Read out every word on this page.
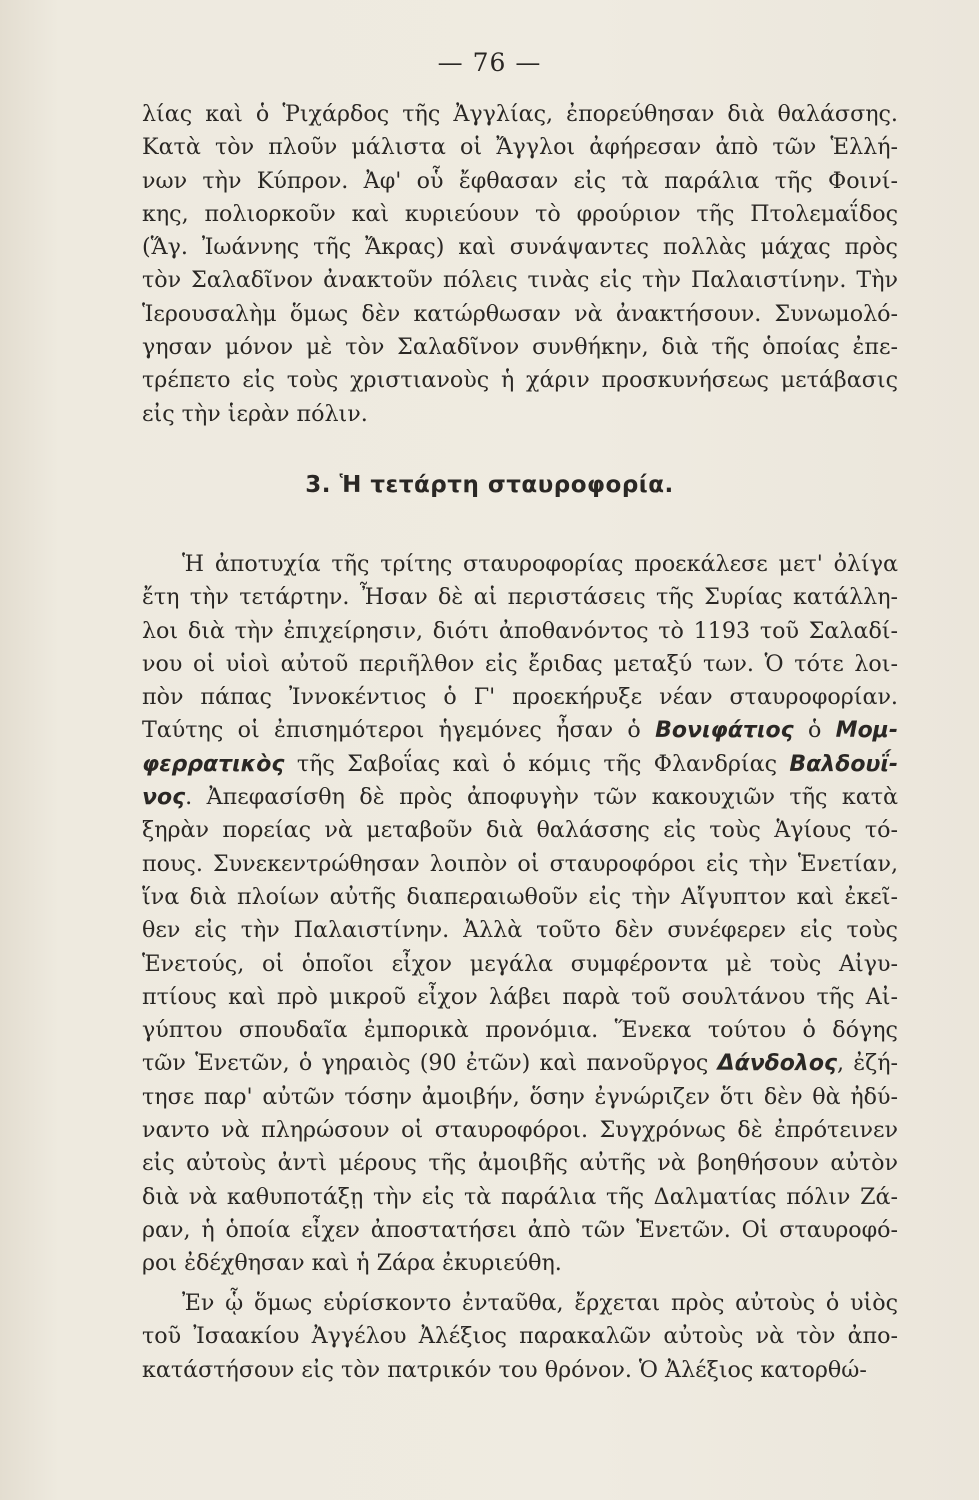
— 76 —
λίας καὶ ὁ Ῥιχάρδος τῆς Ἀγγλίας, ἐπορεύθησαν διὰ θαλάσσης.
Κατὰ τὸν πλοῦν μάλιστα οἱ Ἄγγλοι ἀφήρεσαν ἀπὸ τῶν Ἑλλή-
νων τὴν Κύπρον. Ἀφ' οὗ ἔφθασαν εἰς τὰ παράλια τῆς Φοινί-
κης, πολιορκοῦν καὶ κυριεύουν τὸ φρούριον τῆς Πτολεμαΐδος
(Ἅγ. Ἰωάννης τῆς Ἄκρας) καὶ συνάψαντες πολλὰς μάχας πρὸς
τὸν Σαλαδῖνον ἀνακτοῦν πόλεις τινὰς εἰς τὴν Παλαιστίνην. Τὴν
Ἱερουσαλὴμ ὅμως δὲν κατώρθωσαν νὰ ἀνακτήσουν. Συνωμολό-
γησαν μόνον μὲ τὸν Σαλαδῖνον συνθήκην, διὰ τῆς ὁποίας ἐπε-
τρέπετο εἰς τοὺς χριστιανοὺς ἡ χάριν προσκυνήσεως μετάβασις
εἰς τὴν ἱερὰν πόλιν.
3. Ἡ τετάρτη σταυροφορία.
Ἡ ἀποτυχία τῆς τρίτης σταυροφορίας προεκάλεσε μετ' ὀλίγα
ἔτη τὴν τετάρτην. Ἦσαν δὲ αἱ περιστάσεις τῆς Συρίας κατάλλη-
λοι διὰ τὴν ἐπιχείρησιν, διότι ἀποθανόντος τὸ 1193 τοῦ Σαλαδί-
νου οἱ υἱοὶ αὐτοῦ περιῆλθον εἰς ἔριδας μεταξύ των. Ὁ τότε λοι-
πὸν πάπας Ἰννοκέντιος ὁ Γ' προεκήρυξε νέαν σταυροφορίαν.
Ταύτης οἱ ἐπισημότεροι ἡγεμόνες ἦσαν ὁ Βονιφάτιος ὁ Μομ-
φερρατικὸς τῆς Σαβοΐας καὶ ὁ κόμις τῆς Φλανδρίας Βαλδουΐ-
νος. Ἀπεφασίσθη δὲ πρὸς ἀποφυγὴν τῶν κακουχιῶν τῆς κατὰ
ξηρὰν πορείας νὰ μεταβοῦν διὰ θαλάσσης εἰς τοὺς Ἁγίους τό-
πους. Συνεκεντρώθησαν λοιπὸν οἱ σταυροφόροι εἰς τὴν Ἑνετίαν,
ἵνα διὰ πλοίων αὐτῆς διαπεραιωθοῦν εἰς τὴν Αἴγυπτον καὶ ἐκεῖ-
θεν εἰς τὴν Παλαιστίνην. Ἀλλὰ τοῦτο δὲν συνέφερεν εἰς τοὺς
Ἑνετούς, οἱ ὁποῖοι εἶχον μεγάλα συμφέροντα μὲ τοὺς Αἰγυ-
πτίους καὶ πρὸ μικροῦ εἶχον λάβει παρὰ τοῦ σουλτάνου τῆς Αἰ-
γύπτου σπουδαῖα ἐμπορικὰ προνόμια. Ἕνεκα τούτου ὁ δόγης
τῶν Ἑνετῶν, ὁ γηραιὸς (90 ἐτῶν) καὶ πανοῦργος Δάνδολος, ἐζή-
τησε παρ' αὐτῶν τόσην ἀμοιβήν, ὅσην ἐγνώριζεν ὅτι δὲν θὰ ἠδύ-
ναντο νὰ πληρώσουν οἱ σταυροφόροι. Συγχρόνως δὲ ἐπρότεινεν
εἰς αὐτοὺς ἀντὶ μέρους τῆς ἀμοιβῆς αὐτῆς νὰ βοηθήσουν αὐτὸν
διὰ νὰ καθυποτάξῃ τὴν εἰς τὰ παράλια τῆς Δαλματίας πόλιν Ζά-
ραν, ἡ ὁποία εἶχεν ἀποστατήσει ἀπὸ τῶν Ἑνετῶν. Οἱ σταυροφό-
ροι ἐδέχθησαν καὶ ἡ Ζάρα ἐκυριεύθη.
Ἐν ᾧ ὅμως εὑρίσκοντο ἐνταῦθα, ἔρχεται πρὸς αὐτοὺς ὁ υἱὸς
τοῦ Ἰσαακίου Ἀγγέλου Ἀλέξιος παρακαλῶν αὐτοὺς νὰ τὸν ἀπο-
κατάστήσουν εἰς τὸν πατρικόν του θρόνον. Ὁ Ἀλέξιος κατορθώ-
